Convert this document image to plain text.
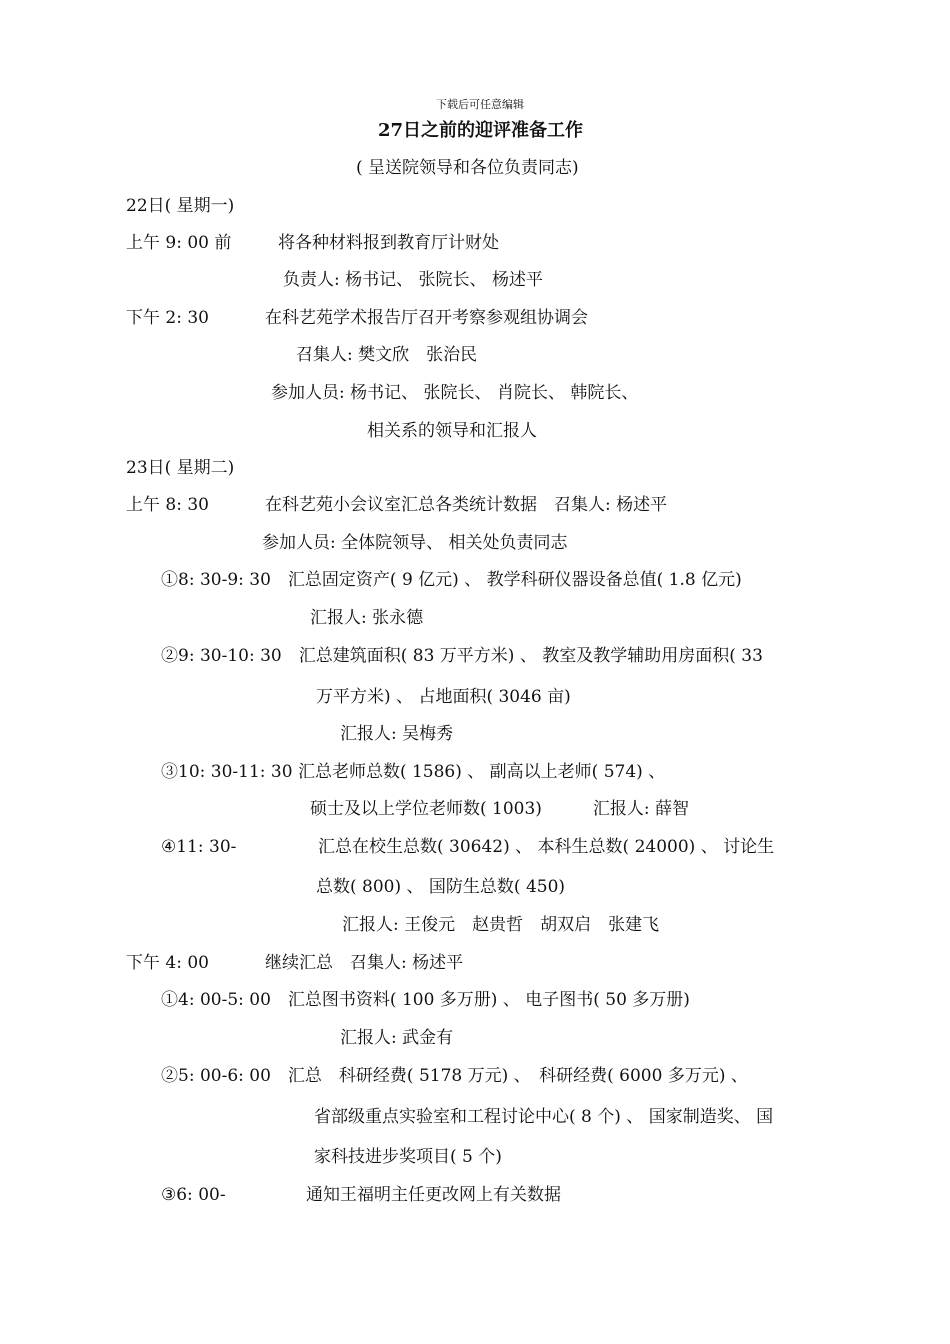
下载后可任意编辑
27日之前的迎评准备工作
( 呈送院领导和各位负责同志)
22日( 星期一)
上午 9: 00 前	将各种材料报到教育厅计财处
负责人: 杨书记、 张院长、 杨述平
下午 2: 30	在科艺苑学术报告厅召开考察参观组协调会
召集人: 樊文欣　张治民
参加人员: 杨书记、 张院长、 肖院长、 韩院长、
相关系的领导和汇报人
23日( 星期二)
上午 8: 30	在科艺苑小会议室汇总各类统计数据　召集人: 杨述平
参加人员: 全体院领导、 相关处负责同志
①8: 30-9: 30　汇总固定资产( 9 亿元) 、 教学科研仪器设备总值( 1.8 亿元)
汇报人: 张永德
②9: 30-10: 30　汇总建筑面积( 83 万平方米) 、 教室及教学辅助用房面积( 33
万平方米) 、 占地面积( 3046 亩)
汇报人: 吴梅秀
③10: 30-11: 30 汇总老师总数( 1586) 、 副高以上老师( 574) 、
硕士及以上学位老师数( 1003)　　　汇报人: 薛智
④11: 30-	汇总在校生总数( 30642) 、 本科生总数( 24000) 、 讨论生
总数( 800) 、 国防生总数( 450)
汇报人: 王俊元　赵贵哲　胡双启　张建飞
下午 4: 00	继续汇总　召集人: 杨述平
①4: 00-5: 00　汇总图书资料( 100 多万册) 、 电子图书( 50 多万册)
汇报人: 武金有
②5: 00-6: 00　汇总　科研经费( 5178 万元) 、　科研经费( 6000 多万元) 、
省部级重点实验室和工程讨论中心( 8 个) 、 国家制造奖、 国
家科技进步奖项目( 5 个)
③6: 00-	通知王福明主任更改网上有关数据
